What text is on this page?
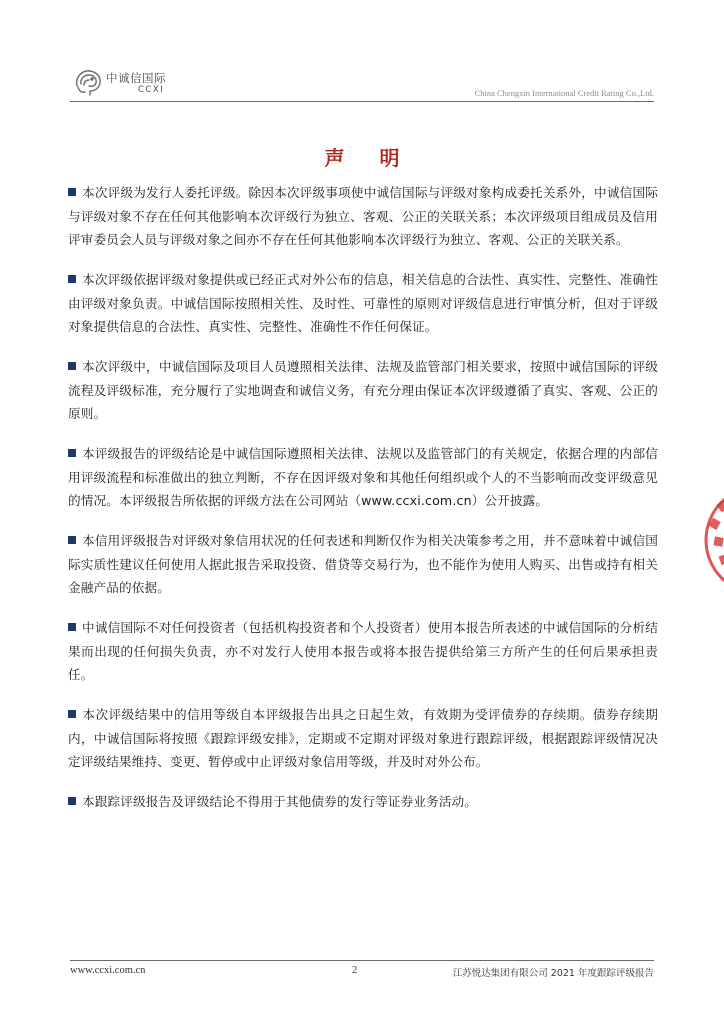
中诚信国际
CCXI	China Chengxin International Credit Rating Co.,Ltd.
声 明

本次评级为发行人委托评级。除因本次评级事项使中诚信国际与评级对象构成委托关系外，中诚信国际与评级对象不存在任何其他影响本次评级行为独立、客观、公正的关联关系；本次评级项目组成员及信用评审委员会人员与评级对象之间亦不存在任何其他影响本次评级行为独立、客观、公正的关联关系。

本次评级依据评级对象提供或已经正式对外公布的信息，相关信息的合法性、真实性、完整性、准确性由评级对象负责。中诚信国际按照相关性、及时性、可靠性的原则对评级信息进行审慎分析，但对于评级对象提供信息的合法性、真实性、完整性、准确性不作任何保证。

本次评级中，中诚信国际及项目人员遵照相关法律、法规及监管部门相关要求，按照中诚信国际的评级流程及评级标准，充分履行了实地调查和诚信义务，有充分理由保证本次评级遵循了真实、客观、公正的原则。

本评级报告的评级结论是中诚信国际遵照相关法律、法规以及监管部门的有关规定，依据合理的内部信用评级流程和标准做出的独立判断，不存在因评级对象和其他任何组织或个人的不当影响而改变评级意见的情况。本评级报告所依据的评级方法在公司网站（www.ccxi.com.cn）公开披露。

本信用评级报告对评级对象信用状况的任何表述和判断仅作为相关决策参考之用，并不意味着中诚信国际实质性建议任何使用人据此报告采取投资、借贷等交易行为，也不能作为使用人购买、出售或持有相关金融产品的依据。

中诚信国际不对任何投资者（包括机构投资者和个人投资者）使用本报告所表述的中诚信国际的分析结果而出现的任何损失负责，亦不对发行人使用本报告或将本报告提供给第三方所产生的任何后果承担责任。

本次评级结果中的信用等级自本评级报告出具之日起生效，有效期为受评债券的存续期。债券存续期内，中诚信国际将按照《跟踪评级安排》，定期或不定期对评级对象进行跟踪评级，根据跟踪评级情况决定评级结果维持、变更、暂停或中止评级对象信用等级，并及时对外公布。

本跟踪评级报告及评级结论不得用于其他债券的发行等证券业务活动。

www.ccxi.com.cn	2	江苏悦达集团有限公司 2021 年度跟踪评级报告
